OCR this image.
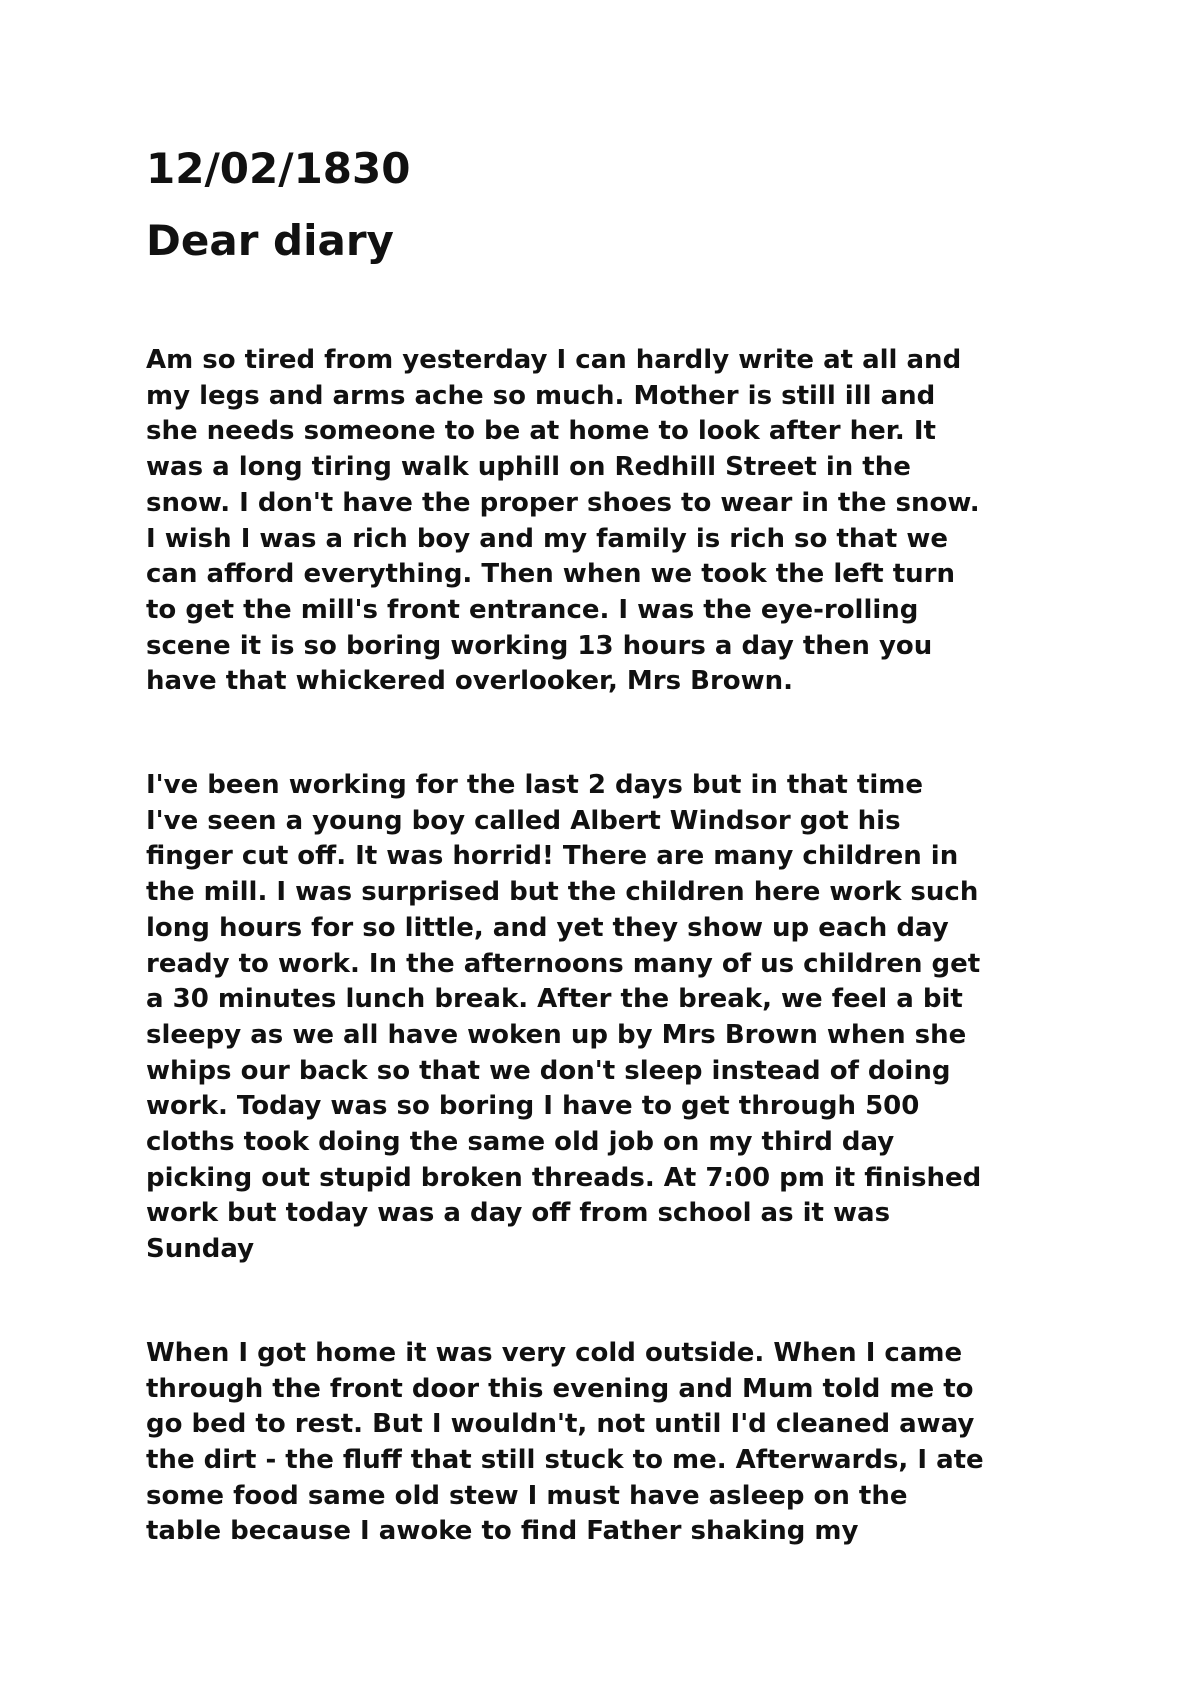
12/02/1830
Dear diary

Am so tired from yesterday I can hardly write at all and
my legs and arms ache so much. Mother is still ill and
she needs someone to be at home to look after her. It
was a long tiring walk uphill on Redhill Street in the
snow. I don't have the proper shoes to wear in the snow.
I wish I was a rich boy and my family is rich so that we
can afford everything. Then when we took the left turn
to get the mill's front entrance. I was the eye-rolling
scene it is so boring working 13 hours a day then you
have that whickered overlooker, Mrs Brown.

I've been working for the last 2 days but in that time
I've seen a young boy called Albert Windsor got his
finger cut off. It was horrid! There are many children in
the mill. I was surprised but the children here work such
long hours for so little, and yet they show up each day
ready to work. In the afternoons many of us children get
a 30 minutes lunch break. After the break, we feel a bit
sleepy as we all have woken up by Mrs Brown when she
whips our back so that we don't sleep instead of doing
work. Today was so boring I have to get through 500
cloths took doing the same old job on my third day
picking out stupid broken threads. At 7:00 pm it finished
work but today was a day off from school as it was
Sunday

When I got home it was very cold outside. When I came
through the front door this evening and Mum told me to
go bed to rest. But I wouldn't, not until I'd cleaned away
the dirt - the fluff that still stuck to me. Afterwards, I ate
some food same old stew I must have asleep on the
table because I awoke to find Father shaking my
